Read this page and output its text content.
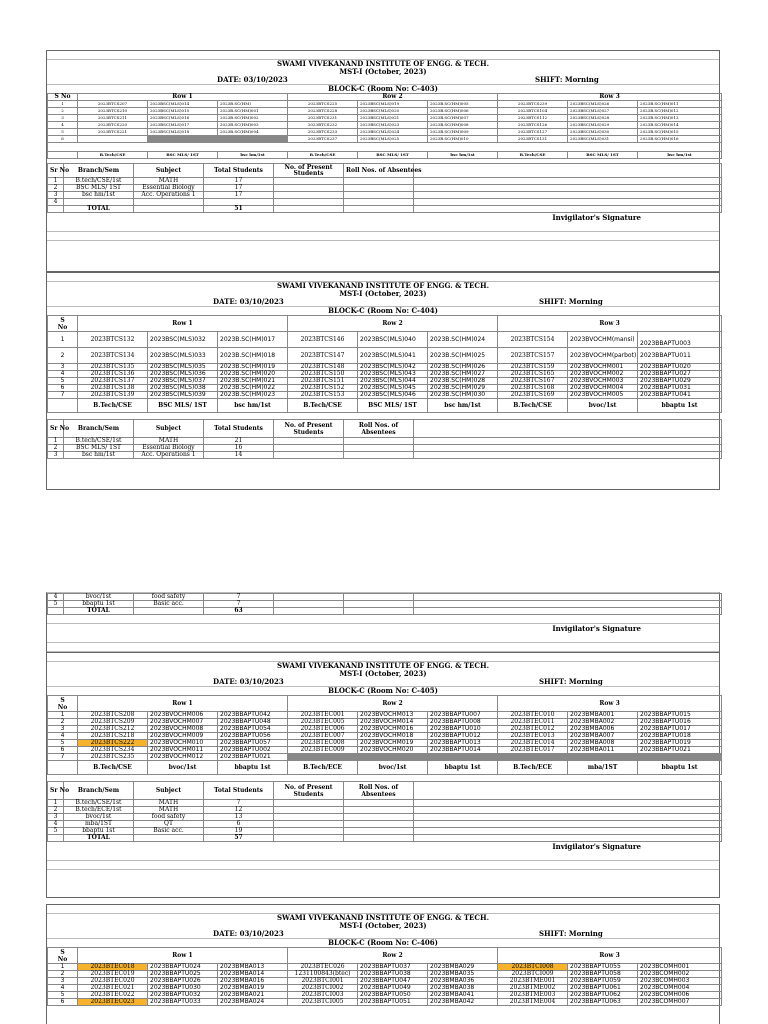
SWAMI VIVEKANAND INSTITUTE OF ENGG. & TECH.
MST-I (October, 2023)
DATE: 03/10/2023	SHIFT: Morning
BLOCK-C (Room No: C-403)
S No	Row 1			Row 2			Row 3		
1	2023BTCS207	2023BSC(MLS)014	2023B.SC(HM)	2023BTCS225	2023BSC(MLS)019	2023B.SC(HM)005	2023BTCS239	2023BSC(MLS)026	2023B.SC(HM)011
2	2023BTCS210	2023BSC(MLS)015	2023B.SC(HM)001	2023BTCS228	2023BSC(MLS)020	2023B.SC(HM)006	2023BTCS104	2023BSC(MLS)027	2023B.SC(HM)012
3	2023BTCS211	2023BSC(MLS)016	2023B.SC(HM)002	2023BTCS231	2023BSC(MLS)021	2023B.SC(HM)007	2023BTCS112	2023BSC(MLS)028	2023B.SC(HM)013
4	2023BTCS220	2023BSC(MLS)017	2023B.SC(HM)003	2023BTCS232	2023BSC(MLS)023	2023B.SC(HM)008	2023BTCS126	2023BSC(MLS)029	2023B.SC(HM)014
5	2023BTCS221	2023BSC(MLS)018	2023B.SC(HM)004	2023BTCS233	2023BSC(MLS)024	2023B.SC(HM)009	2023BTCS127	2023BSC(MLS)030	2023B.SC(HM)015
6				2023BTCS237	2023BSC(MLS)025	2023B.SC(HM)010	2023BTCS131	2023BSC(MLS)031	2023B.SC(HM)016

	B.Tech/CSE	BSC MLS/ 1ST	bsc hm/1st	B.Tech/CSE	BSC MLS/ 1ST	bsc hm/1st	B.Tech/CSE	BSC MLS/ 1ST	bsc hm/1st
Sr No	Branch/Sem	Subject	Total Students	No. of Present Students	Roll Nos. of Absentees	
1	B.tech/CSE/1st	MATH	17			
2	BSC MLS/ 1ST	Essential Biology	17			
3	bsc hm/1st	Acc. Operations 1	17			
4						
	TOTAL		51			
Invigilator's Signature
SWAMI VIVEKANAND INSTITUTE OF ENGG. & TECH.
MST-I (October, 2023)
DATE: 03/10/2023	SHIFT: Morning
BLOCK-C (Room No: C-404)
S
No	Row 1			Row 2			Row 3		
1	2023BTCS132	2023BSC(MLS)032	2023B.SC(HM)017	2023BTCS146	2023BSC(MLS)040	2023B.SC(HM)024	2023BTCS154	2023BVOCHM(mansi)	2023BBAPTU003
2	2023BTCS134	2023BSC(MLS)033	2023B.SC(HM)018	2023BTCS147	2023BSC(MLS)041	2023B.SC(HM)025	2023BTCS157	2023BVOCHM(parbot)	2023BBAPTU011
3	2023BTCS135	2023BSC(MLS)035	2023B.SC(HM)019	2023BTCS148	2023BSC(MLS)042	2023B.SC(HM)026	2023BTCS159	2023BVOCHM001	2023BBAPTU020
4	2023BTCS136	2023BSC(MLS)036	2023B.SC(HM)020	2023BTCS150	2023BSC(MLS)043	2023B.SC(HM)027	2023BTCS165	2023BVOCHM002	2023BBAPTU027
5	2023BTCS137	2023BSC(MLS)037	2023B.SC(HM)021	2023BTCS151	2023BSC(MLS)044	2023B.SC(HM)028	2023BTCS167	2023BVOCHM003	2023BBAPTU029
6	2023BTCS138	2023BSC(MLS)038	2023B.SC(HM)022	2023BTCS152	2023BSC(MLS)045	2023B.SC(HM)029	2023BTCS168	2023BVOCHM004	2023BBAPTU031
7	2023BTCS139	2023BSC(MLS)039	2023B.SC(HM)023	2023BTCS153	2023BSC(MLS)046	2023B.SC(HM)030	2023BTCS169	2023BVOCHM005	2023BBAPTU041
	B.Tech/CSE	BSC MLS/ 1ST	bsc hm/1st	B.Tech/CSE	BSC MLS/ 1ST	bsc hm/1st	B.Tech/CSE	bvoc/1st	bbaptu 1st
Sr No	Branch/Sem	Subject	Total Students	No. of Present Students	Roll Nos. of Absentees	
1	B.tech/CSE/1st	MATH	21			
2	BSC MLS/ 1ST	Essential Biology	16			
3	bsc hm/1st	Acc. Operations 1	14			
4	bvoc/1st	food safety	7			
5	bbaptu 1st	Basic acc.	7			
	TOTAL		63			
Invigilator's Signature
SWAMI VIVEKANAND INSTITUTE OF ENGG. & TECH.
MST-I (October, 2023)
DATE: 03/10/2023	SHIFT: Morning
BLOCK-C (Room No: C-405)
S
No	Row 1			Row 2			Row 3		
1	2023BTCS208	2023BVOCHM006	2023BBAPTU042	2023BTEC001	2023BVOCHM013	2023BBAPTU007	2023BTEC010	2023BMBA001	2023BBAPTU015
2	2023BTCS209	2023BVOCHM007	2023BBAPTU048	2023BTEC005	2023BVOCHM014	2023BBAPTU008	2023BTEC011	2023BMBA002	2023BBAPTU016
3	2023BTCS212	2023BVOCHM008	2023BBAPTU054	2023BTEC006	2023BVOCHM016	2023BBAPTU010	2023BTEC012	2023BMBA006	2023BBAPTU017
4	2023BTCS218	2023BVOCHM009	2023BBAPTU056	2023BTEC007	2023BVOCHM018	2023BBAPTU012	2023BTEC013	2023BMBA007	2023BBAPTU018
5	2023BTCS222	2023BVOCHM010	2023BBAPTU057	2023BTEC008	2023BVOCHM019	2023BBAPTU013	2023BTEC014	2023BMBA008	2023BBAPTU019
6	2023BTCS234	2023BVOCHM011	2023BBAPTU002	2023BTEC009	2023BVOCHM020	2023BBAPTU014	2023BTEC017	2023BMBA011	2023BBAPTU021
7	2023BTCS235	2023BVOCHM012	2023BBAPTU021						
	B.Tech/CSE	bvoc/1st	bbaptu 1st	B.Tech/ECE	bvoc/1st	bbaptu 1st	B.Tech/ECE	mba/1ST	bbaptu 1st
Sr No	Branch/Sem	Subject	Total Students	No. of Present Students	Roll Nos. of Absentees	
1	B.tech/CSE/1st	MATH	7			
2	B.tech/ECE/1st	MATH	12			
3	bvoc/1st	food safety	13			
4	mba/1ST	QT	6			
5	bbaptu 1st	Basic acc.	19			
	TOTAL		57			
Invigilator's Signature
SWAMI VIVEKANAND INSTITUTE OF ENGG. & TECH.
MST-I (October, 2023)
DATE: 03/10/2023	SHIFT: Morning
BLOCK-C (Room No: C-406)
S
No	Row 1			Row 2			Row 3		
1	2023BTEC018	2023BBAPTU024	2023BMBA013	2023BTEC026	2023BBAPTU037	2023BMBA029	2023BTCI008	2023BBAPTU055	2023BCOMH001
2	2023BTEC019	2023BBAPTU025	2023BMBA014	1231100843(btec)	2023BBAPTU038	2023BMBA035	2023BTCI009	2023BBAPTU058	2023BCOMH002
3	2023BTEC020	2023BBAPTU026	2023BMBA016	2023BTCI001	2023BBAPTU047	2023BMBA036	2023BTME001	2023BBAPTU059	2023BCOMH003
4	2023BTEC021	2023BBAPTU030	2023BMBA019	2023BTCI002	2023BBAPTU049	2023BMBA038	2023BTME002	2023BBAPTU061	2023BCOMH004
5	2023BTEC022	2023BBAPTU032	2023BMBA021	2023BTCI003	2023BBAPTU050	2023BMBA041	2023BTME003	2023BBAPTU062	2023BCOMH006
6	2023BTEC023	2023BBAPTU033	2023BMBA024	2023BTCI005	2023BBAPTU051	2023BMBA042	2023BTME004	2023BBAPTU063	2023BCOMH007
